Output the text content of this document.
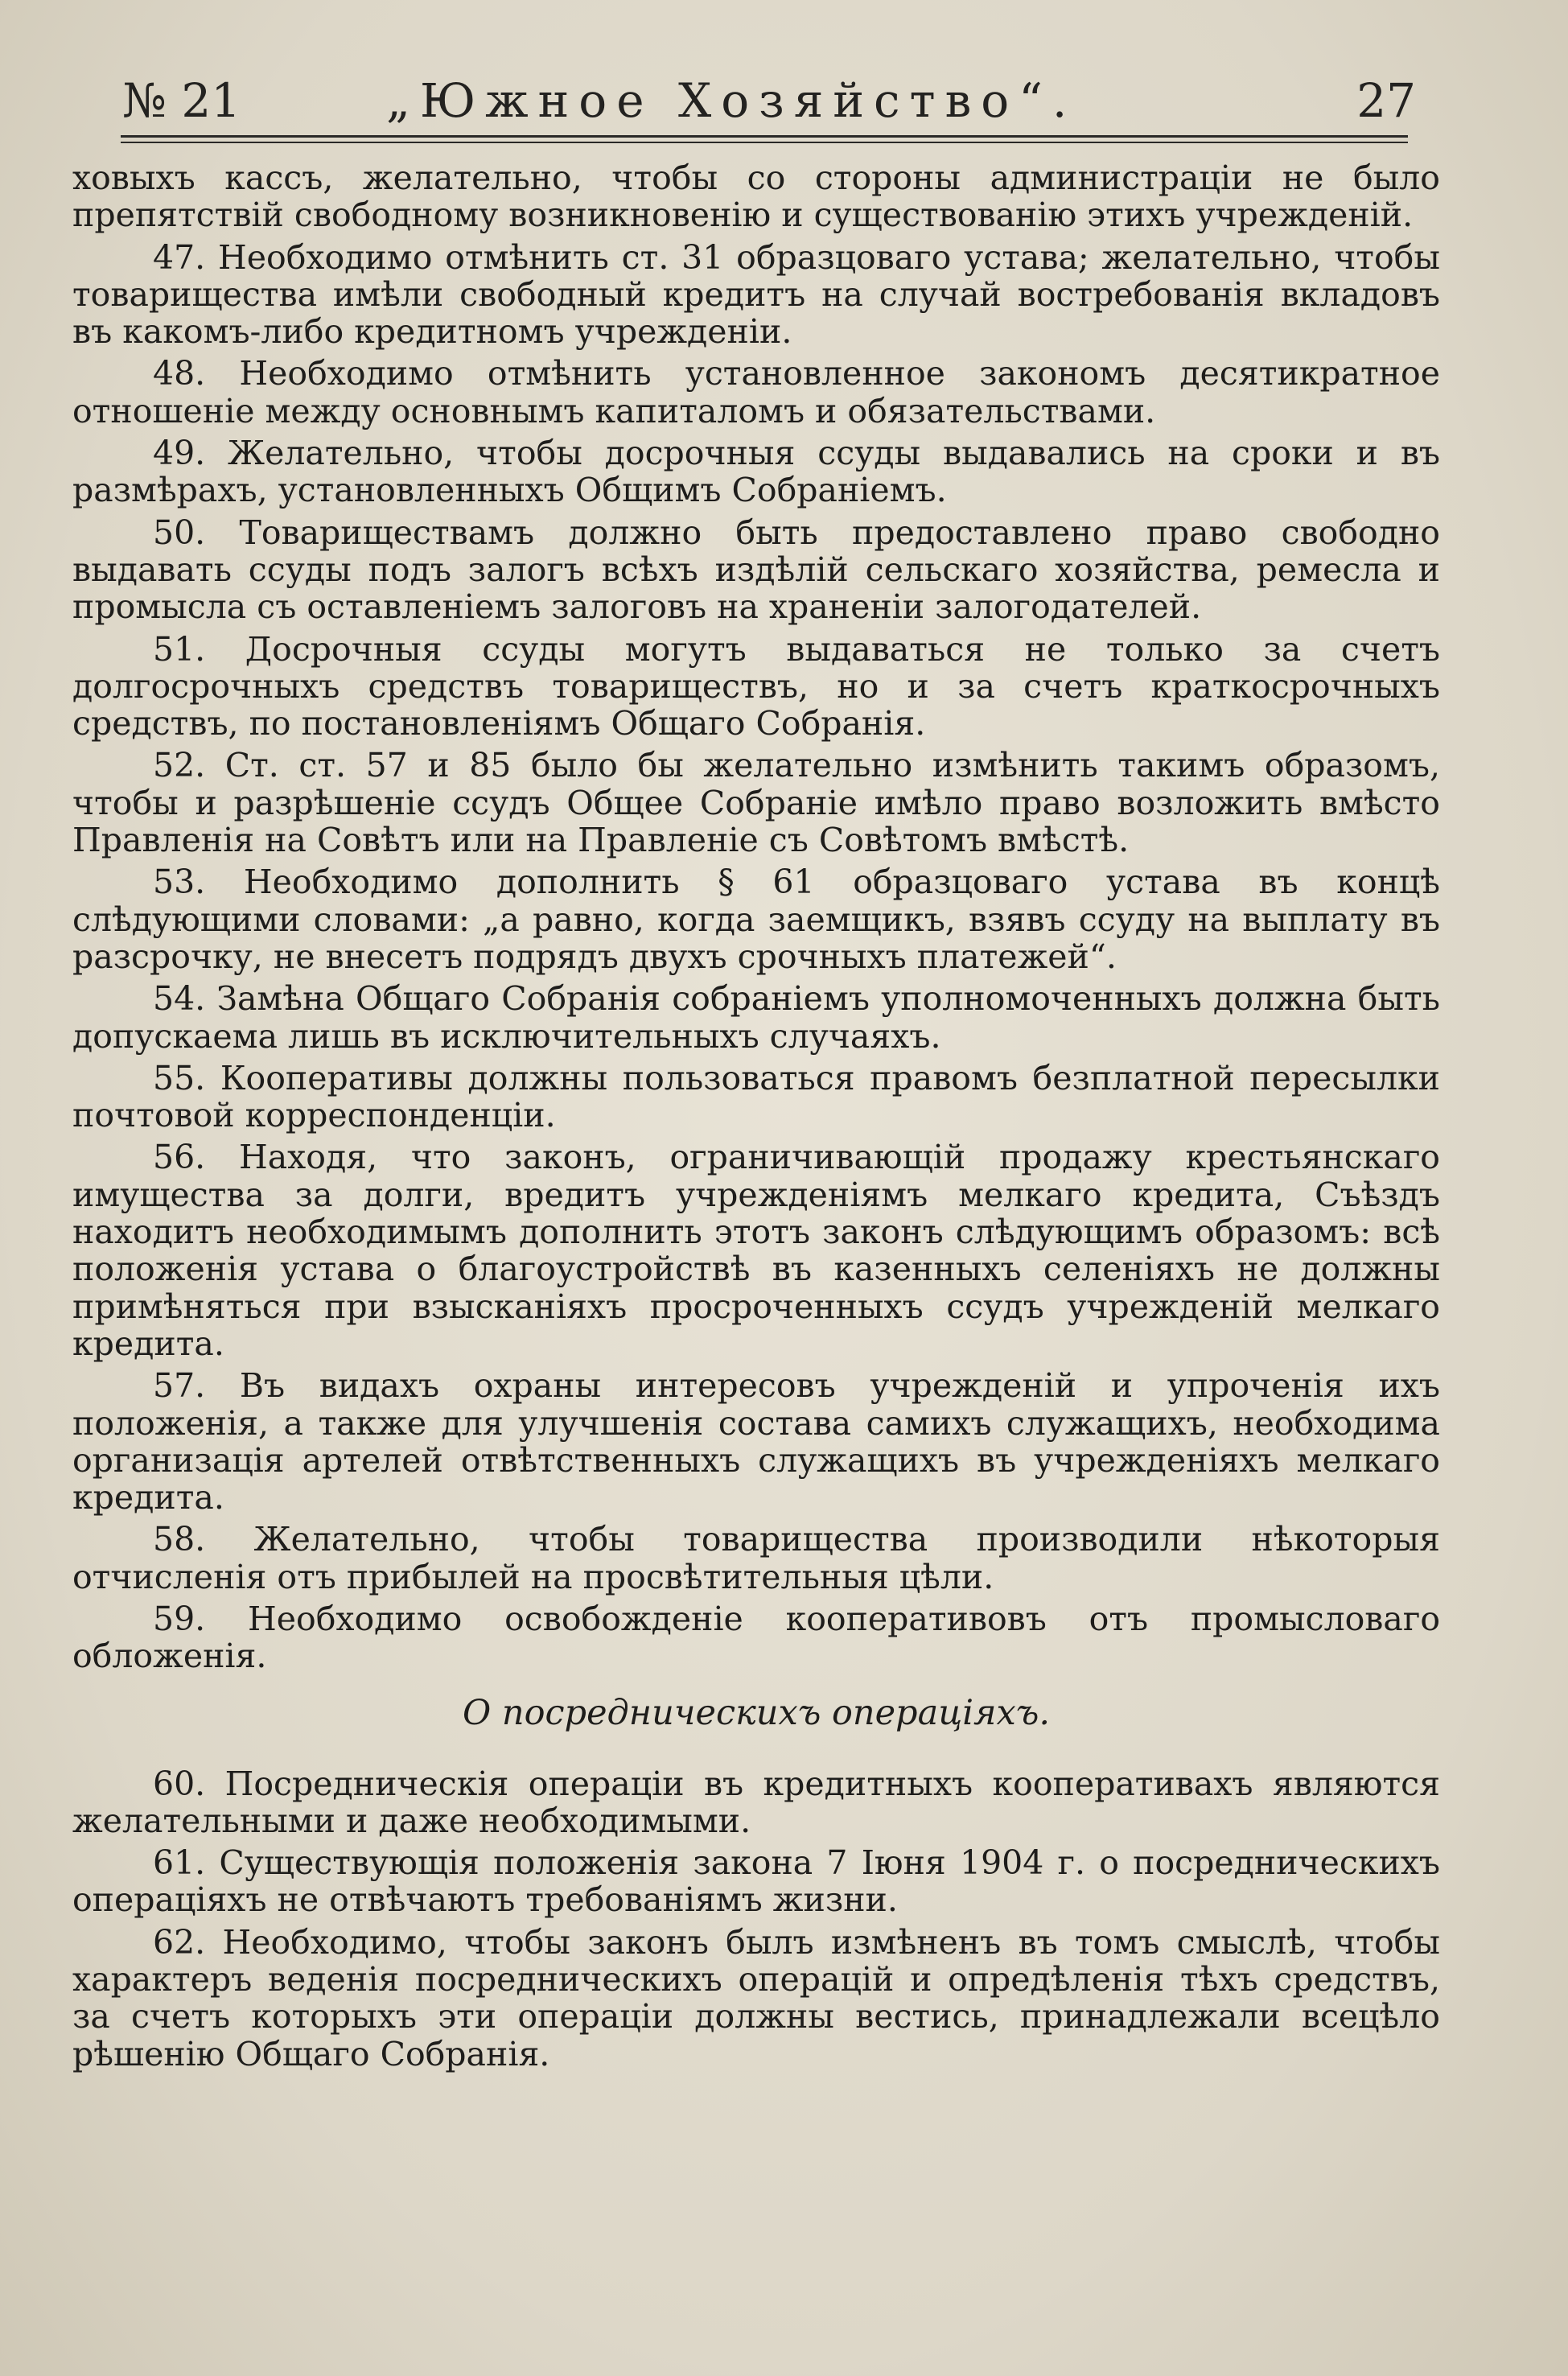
№ 21	„Южное Хозяйство“.	27

ховыхъ кассъ, желательно, чтобы со стороны администраціи не было препятствій свободному возникновенію и существованію этихъ учрежденій.

47. Необходимо отмѣнить ст. 31 образцоваго устава; желательно, чтобы товарищества имѣли свободный кредитъ на случай востребованія вкладовъ въ какомъ-либо кредитномъ учрежденіи.

48. Необходимо отмѣнить установленное закономъ десятикратное отношеніе между основнымъ капиталомъ и обязательствами.

49. Желательно, чтобы досрочныя ссуды выдавались на сроки и въ размѣрахъ, установленныхъ Общимъ Собраніемъ.

50. Товариществамъ должно быть предоставлено право свободно выдавать ссуды подъ залогъ всѣхъ издѣлій сельскаго хозяйства, ремесла и промысла съ оставленіемъ залоговъ на храненіи залогодателей.

51. Досрочныя ссуды могутъ выдаваться не только за счетъ долгосрочныхъ средствъ товариществъ, но и за счетъ краткосрочныхъ средствъ, по постановленіямъ Общаго Собранія.

52. Ст. ст. 57 и 85 было бы желательно измѣнить такимъ образомъ, чтобы и разрѣшеніе ссудъ Общее Собраніе имѣло право возложить вмѣсто Правленія на Совѣтъ или на Правленіе съ Совѣтомъ вмѣстѣ.

53. Необходимо дополнить § 61 образцоваго устава въ концѣ слѣдующими словами: „а равно, когда заемщикъ, взявъ ссуду на выплату въ разсрочку, не внесетъ подрядъ двухъ срочныхъ платежей“.

54. Замѣна Общаго Собранія собраніемъ уполномоченныхъ должна быть допускаема лишь въ исключительныхъ случаяхъ.

55. Кооперативы должны пользоваться правомъ безплатной пересылки почтовой корреспонденціи.

56. Находя, что законъ, ограничивающій продажу крестьянскаго имущества за долги, вредитъ учрежденіямъ мелкаго кредита, Съѣздъ находитъ необходимымъ дополнить этотъ законъ слѣдующимъ образомъ: всѣ положенія устава о благоустройствѣ въ казенныхъ селеніяхъ не должны примѣняться при взысканіяхъ просроченныхъ ссудъ учрежденій мелкаго кредита.

57. Въ видахъ охраны интересовъ учрежденій и упроченія ихъ положенія, а также для улучшенія состава самихъ служащихъ, необходима организація артелей отвѣтственныхъ служащихъ въ учрежденіяхъ мелкаго кредита.

58. Желательно, чтобы товарищества производили нѣкоторыя отчисленія отъ прибылей на просвѣтительныя цѣли.

59. Необходимо освобожденіе кооперативовъ отъ промысловаго обложенія.

О посредническихъ операціяхъ.

60. Посредническія операціи въ кредитныхъ кооперативахъ являются желательными и даже необходимыми.

61. Существующія положенія закона 7 Іюня 1904 г. о посредническихъ операціяхъ не отвѣчаютъ требованіямъ жизни.

62. Необходимо, чтобы законъ былъ измѣненъ въ томъ смыслѣ, чтобы характеръ веденія посредническихъ операцій и опредѣленія тѣхъ средствъ, за счетъ которыхъ эти операціи должны вестись, принадлежали всецѣло рѣшенію Общаго Собранія.
